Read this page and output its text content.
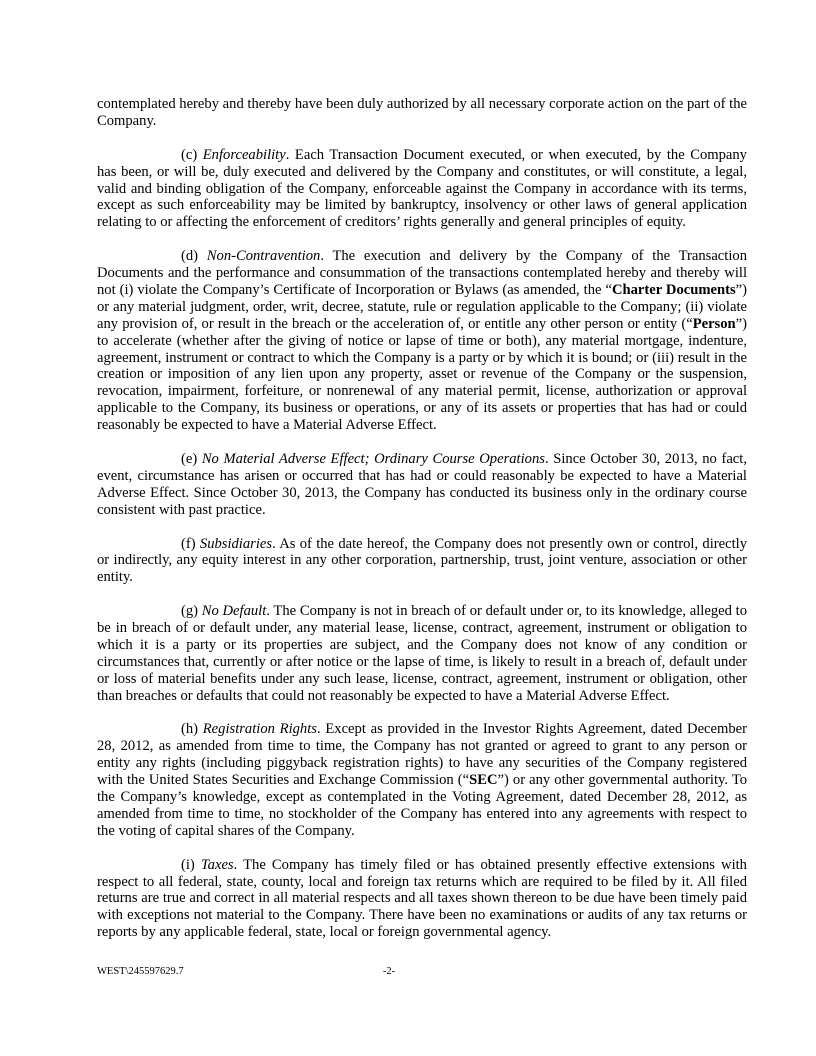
contemplated hereby and thereby have been duly authorized by all necessary corporate action on the part of the Company.

(c) Enforceability. Each Transaction Document executed, or when executed, by the Company has been, or will be, duly executed and delivered by the Company and constitutes, or will constitute, a legal, valid and binding obligation of the Company, enforceable against the Company in accordance with its terms, except as such enforceability may be limited by bankruptcy, insolvency or other laws of general application relating to or affecting the enforcement of creditors’ rights generally and general principles of equity.

(d) Non-Contravention. The execution and delivery by the Company of the Transaction Documents and the performance and consummation of the transactions contemplated hereby and thereby will not (i) violate the Company’s Certificate of Incorporation or Bylaws (as amended, the “Charter Documents”) or any material judgment, order, writ, decree, statute, rule or regulation applicable to the Company; (ii) violate any provision of, or result in the breach or the acceleration of, or entitle any other person or entity (“Person”) to accelerate (whether after the giving of notice or lapse of time or both), any material mortgage, indenture, agreement, instrument or contract to which the Company is a party or by which it is bound; or (iii) result in the creation or imposition of any lien upon any property, asset or revenue of the Company or the suspension, revocation, impairment, forfeiture, or nonrenewal of any material permit, license, authorization or approval applicable to the Company, its business or operations, or any of its assets or properties that has had or could reasonably be expected to have a Material Adverse Effect.

(e) No Material Adverse Effect; Ordinary Course Operations. Since October 30, 2013, no fact, event, circumstance has arisen or occurred that has had or could reasonably be expected to have a Material Adverse Effect. Since October 30, 2013, the Company has conducted its business only in the ordinary course consistent with past practice.

(f) Subsidiaries. As of the date hereof, the Company does not presently own or control, directly or indirectly, any equity interest in any other corporation, partnership, trust, joint venture, association or other entity.

(g) No Default. The Company is not in breach of or default under or, to its knowledge, alleged to be in breach of or default under, any material lease, license, contract, agreement, instrument or obligation to which it is a party or its properties are subject, and the Company does not know of any condition or circumstances that, currently or after notice or the lapse of time, is likely to result in a breach of, default under or loss of material benefits under any such lease, license, contract, agreement, instrument or obligation, other than breaches or defaults that could not reasonably be expected to have a Material Adverse Effect.

(h) Registration Rights. Except as provided in the Investor Rights Agreement, dated December 28, 2012, as amended from time to time, the Company has not granted or agreed to grant to any person or entity any rights (including piggyback registration rights) to have any securities of the Company registered with the United States Securities and Exchange Commission (“SEC”) or any other governmental authority. To the Company’s knowledge, except as contemplated in the Voting Agreement, dated December 28, 2012, as amended from time to time, no stockholder of the Company has entered into any agreements with respect to the voting of capital shares of the Company.

(i) Taxes. The Company has timely filed or has obtained presently effective extensions with respect to all federal, state, county, local and foreign tax returns which are required to be filed by it. All filed returns are true and correct in all material respects and all taxes shown thereon to be due have been timely paid with exceptions not material to the Company. There have been no examinations or audits of any tax returns or reports by any applicable federal, state, local or foreign governmental agency.

WEST\245597629.7	-2-
